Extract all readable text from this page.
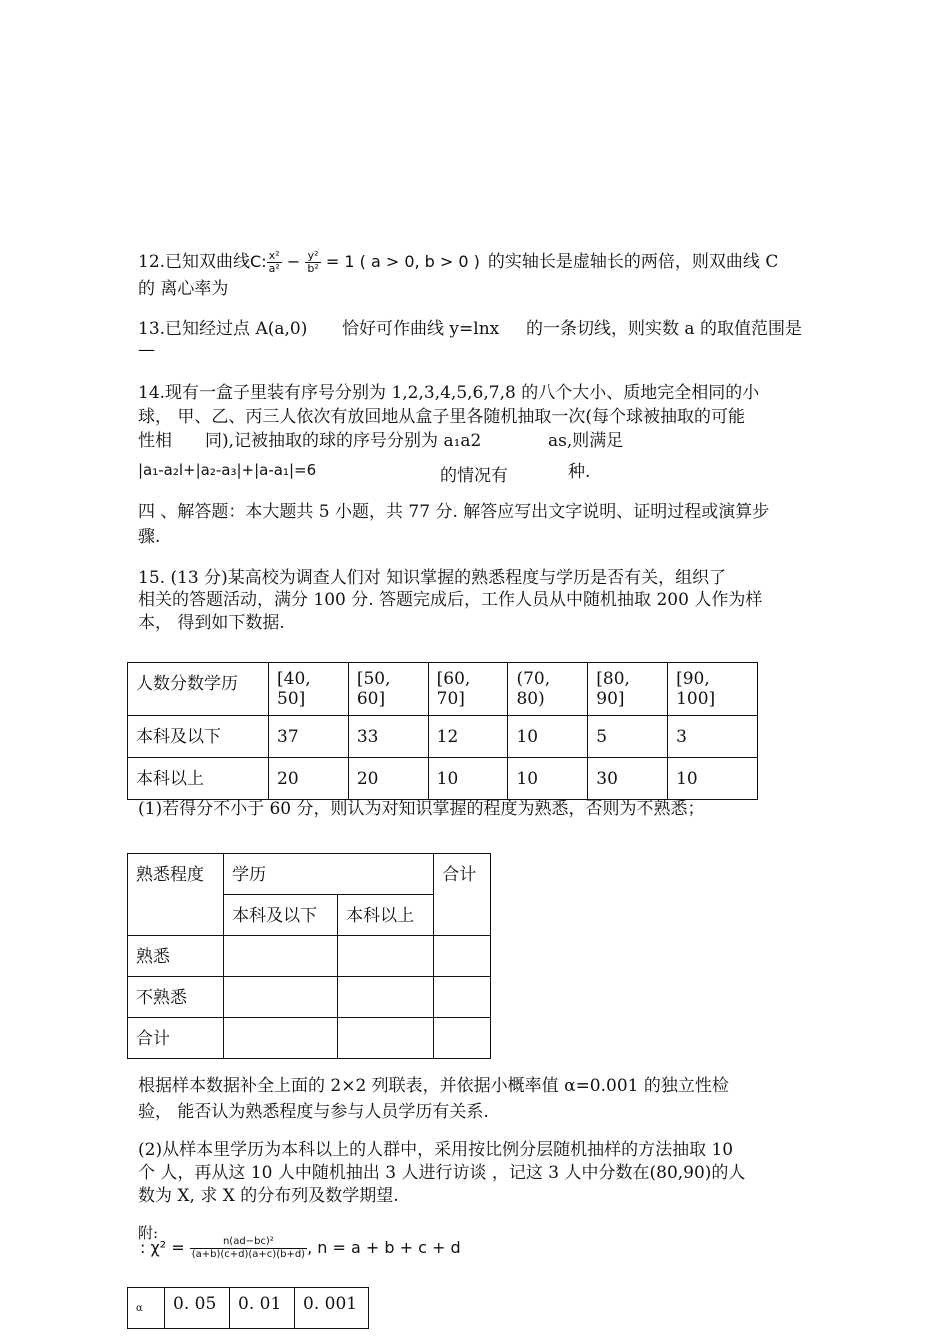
12.已知双曲线C: $\frac{\text{x²}}{\text{a²}} - \frac{\text{y²}}{\text{b²}} = 1$ ( a > 0, b > 0 ) 的实轴长是虚轴长的两倍，则双曲线 C
的 离心率为
13.已知经过点 A(a,0) 恰好可作曲线 y=lnx 的一条切线，则实数 a 的取值范围是
—
14.现有一盒子里装有序号分别为 1,2,3,4,5,6,7,8 的八个大小、质地完全相同的小
球， 甲、乙、丙三人依次有放回地从盒子里各随机抽取一次(每个球被抽取的可能
性相 同),记被抽取的球的序号分别为 a₁a2	as,则满足
|a₁-a₂l+|a₂-a₃|+|a-a₁|=6	的情况有	种.
四 、解答题：本大题共 5 小题，共 77 分. 解答应写出文字说明、证明过程或演算步
骤.
15. (13 分)某高校为调查人们对 知识掌握的熟悉程度与学历是否有关，组织了
相关的答题活动，满分 100 分. 答题完成后，工作人员从中随机抽取 200 人作为样
本， 得到如下数据.
人数分数学历	[40, 50]	[50, 60]	[60, 70]	(70, 80)	[80, 90]	[90, 100]
本科及以下	37	33	12	10	5	3
本科以上	20	20	10	10	30	10
(1)若得分不小于 60 分，则认为对知识掌握的程度为熟悉，否则为不熟悉；
熟悉程度	学历		合计
	本科及以下	本科以上	
熟悉			
不熟悉			
合计			
根据样本数据补全上面的 2×2 列联表，并依据小概率值 α=0.001 的独立性检
验， 能否认为熟悉程度与参与人员学历有关系.
(2)从样本里学历为本科以上的人群中，采用按比例分层随机抽样的方法抽取 10
个 人，再从这 10 人中随机抽出 3 人进行访谈 ，记这 3 人中分数在(80,90)的人
数为 X, 求 X 的分布列及数学期望.
附:
: $\chi^2 = \frac{\text{n(ad−bc)²}}{(a+b)(c+d)(a+c)(b+d)}$ , n = a + b + c + d
α	0. 05	0. 01	0. 001
